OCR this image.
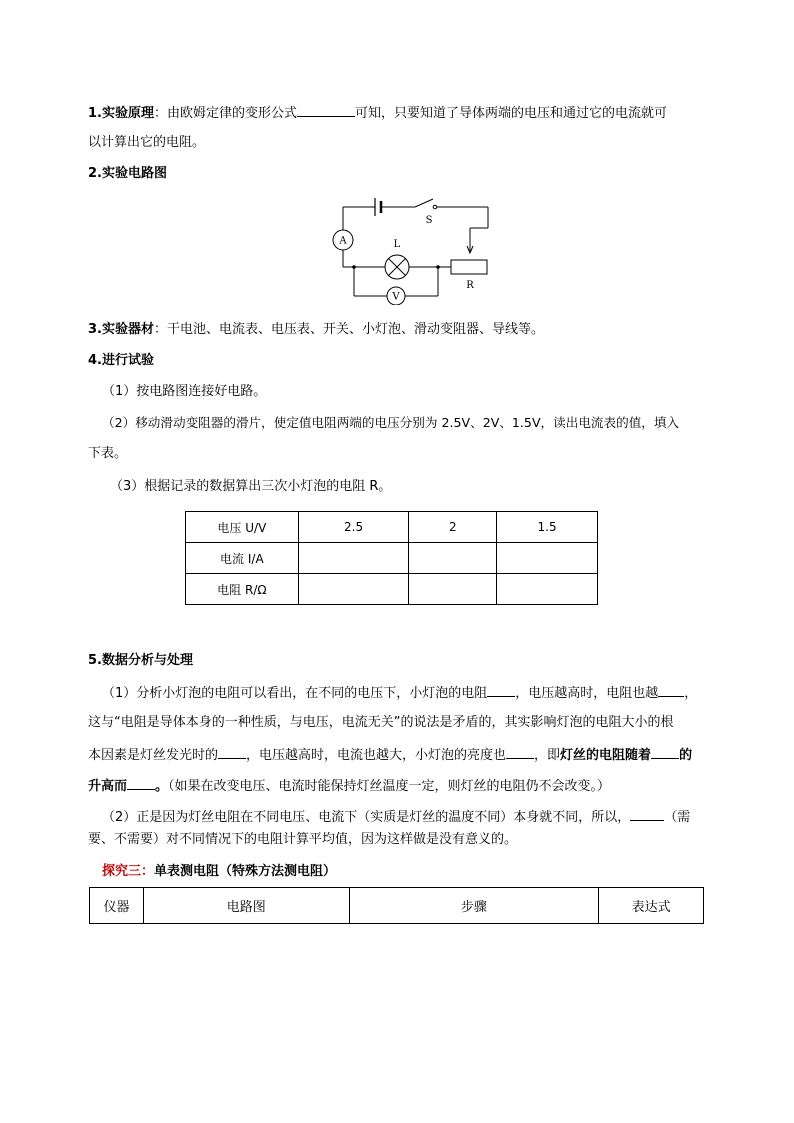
1.实验原理：由欧姆定律的变形公式	可知，只要知道了导体两端的电压和通过它的电流就可
以计算出它的电阻。
2.实验电路图
S
L
A
V
R
3.实验器材：干电池、电流表、电压表、开关、小灯泡、滑动变阻器、导线等。
4.进行试验
（1）按电路图连接好电路。
（2）移动滑动变阻器的滑片，使定值电阻两端的电压分别为 2.5V、2V、1.5V，读出电流表的值，填入
下表。
（3）根据记录的数据算出三次小灯泡的电阻 R。
电压 U/V	2.5	2	1.5
电流 I/A			
电阻 R/Ω			
5.数据分析与处理
（1）分析小灯泡的电阻可以看出，在不同的电压下，小灯泡的电阻 ，电压越高时，电阻也越 ，
这与“电阻是导体本身的一种性质，与电压，电流无关”的说法是矛盾的，其实影响灯泡的电阻大小的根
本因素是灯丝发光时的 ，电压越高时，电流也越大，小灯泡的亮度也 ，即灯丝的电阻随着 的
升高而 。（如果在改变电压、电流时能保持灯丝温度一定，则灯丝的电阻仍不会改变。）
（2）正是因为灯丝电阻在不同电压、电流下（实质是灯丝的温度不同）本身就不同，所以，	（需
要、不需要）对不同情况下的电阻计算平均值，因为这样做是没有意义的。
探究三：单表测电阻（特殊方法测电阻）
仪器	电路图	步骤	表达式
